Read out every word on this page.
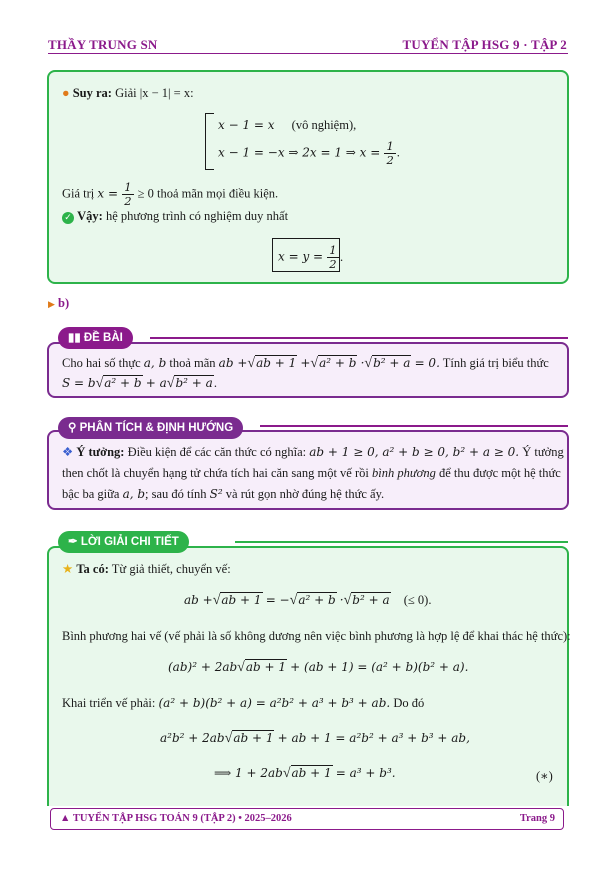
THẦY TRUNG SN	TUYỂN TẬP HSG 9 · TẬP 2
● Suy ra: Giải |x − 1| = x:
x − 1 = x (vô nghiệm),
x − 1 = −x ⇒ 2x = 1 ⇒ $x = \frac{1}{2}$ .
Giá trị $x = \frac{1}{2} \ge 0$ thoả mãn mọi điều kiện.
✓ Vậy: hệ phương trình có nghiệm duy nhất
$x = y = \frac{1}{2}$ .
▶ b)
▮▮ ĐỀ BÀI
Cho hai số thực a, b thoả mãn ab +√ab + 1 +√a² + b ·√b² + a = 0. Tính giá trị biểu thức
S = b√a² + b + a√b² + a.
⚲ PHÂN TÍCH & ĐỊNH HƯỚNG
❖ Ý tưởng: Điều kiện để các căn thức có nghĩa: ab + 1 ≥ 0, a² + b ≥ 0, b² + a ≥ 0. Ý tưởng
then chốt là chuyển hạng tử chứa tích hai căn sang một vế rồi bình phương để thu được một hệ thức
bậc ba giữa a, b; sau đó tính S² và rút gọn nhờ đúng hệ thức ấy.
✒ LỜI GIẢI CHI TIẾT
★ Ta có: Từ giả thiết, chuyển vế:
ab +√ab + 1 = −√a² + b ·√b² + a (≤ 0).
Bình phương hai vế (vế phải là số không dương nên việc bình phương là hợp lệ để khai thác hệ thức):
(ab)² + 2ab√ab + 1 + (ab + 1) = (a² + b)(b² + a).
Khai triển vế phải: (a² + b)(b² + a) = a²b² + a³ + b³ + ab. Do đó
a²b² + 2ab√ab + 1 + ab + 1 = a²b² + a³ + b³ + ab,
⟹ 1 + 2ab√ab + 1 = a³ + b³.	(∗)
▲ TUYỂN TẬP HSG TOÁN 9 (TẬP 2) • 2025–2026	Trang 9
